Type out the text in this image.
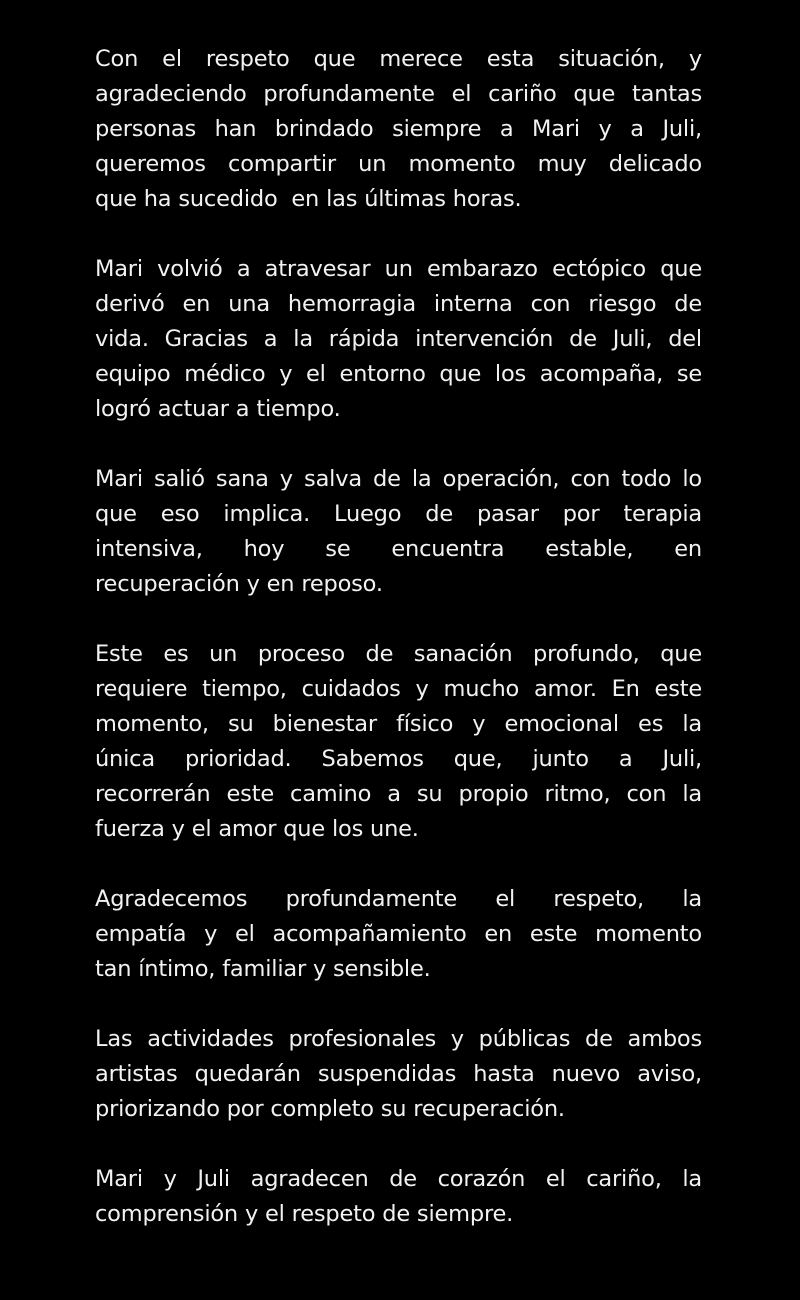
Con el respeto que merece esta situación, y
agradeciendo profundamente el cariño que tantas
personas han brindado siempre a Mari y a Juli,
queremos compartir un momento muy delicado
que ha sucedido  en las últimas horas.

Mari volvió a atravesar un embarazo ectópico que
derivó en una hemorragia interna con riesgo de
vida. Gracias a la rápida intervención de Juli, del
equipo médico y el entorno que los acompaña, se
logró actuar a tiempo.

Mari salió sana y salva de la operación, con todo lo
que eso implica. Luego de pasar por terapia
intensiva, hoy se encuentra estable, en
recuperación y en reposo.

Este es un proceso de sanación profundo, que
requiere tiempo, cuidados y mucho amor. En este
momento, su bienestar físico y emocional es la
única prioridad. Sabemos que, junto a Juli,
recorrerán este camino a su propio ritmo, con la
fuerza y el amor que los une.

Agradecemos profundamente el respeto, la
empatía y el acompañamiento en este momento
tan íntimo, familiar y sensible.

Las actividades profesionales y públicas de ambos
artistas quedarán suspendidas hasta nuevo aviso,
priorizando por completo su recuperación.

Mari y Juli agradecen de corazón el cariño, la
comprensión y el respeto de siempre.
